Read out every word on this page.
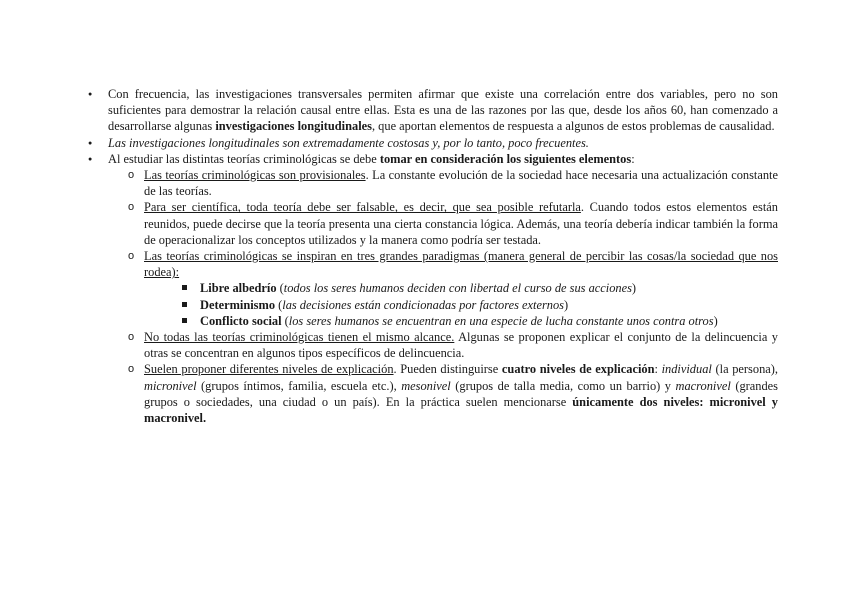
● Con frecuencia, las investigaciones transversales permiten afirmar que existe una correlación entre dos variables, pero no son suficientes para demostrar la relación causal entre ellas. Esta es una de las razones por las que, desde los años 60, han comenzado a desarrollarse algunas investigaciones longitudinales, que aportan elementos de respuesta a algunos de estos problemas de causalidad.
● Las investigaciones longitudinales son extremadamente costosas y, por lo tanto, poco frecuentes.
● Al estudiar las distintas teorías criminológicas se debe tomar en consideración los siguientes elementos:
o Las teorías criminológicas son provisionales. La constante evolución de la sociedad hace necesaria una actualización constante de las teorías.
o Para ser científica, toda teoría debe ser falsable, es decir, que sea posible refutarla. Cuando todos estos elementos están reunidos, puede decirse que la teoría presenta una cierta constancia lógica. Además, una teoría debería indicar también la forma de operacionalizar los conceptos utilizados y la manera como podría ser testada.
o Las teorías criminológicas se inspiran en tres grandes paradigmas (manera general de percibir las cosas/la sociedad que nos rodea):
Libre albedrío (todos los seres humanos deciden con libertad el curso de sus acciones)
Determinismo (las decisiones están condicionadas por factores externos)
Conflicto social (los seres humanos se encuentran en una especie de lucha constante unos contra otros)
o No todas las teorías criminológicas tienen el mismo alcance. Algunas se proponen explicar el conjunto de la delincuencia y otras se concentran en algunos tipos específicos de delincuencia.
o Suelen proponer diferentes niveles de explicación. Pueden distinguirse cuatro niveles de explicación: individual (la persona), micronivel (grupos íntimos, familia, escuela etc.), mesonivel (grupos de talla media, como un barrio) y macronivel (grandes grupos o sociedades, una ciudad o un país). En la práctica suelen mencionarse únicamente dos niveles: micronivel y macronivel.
